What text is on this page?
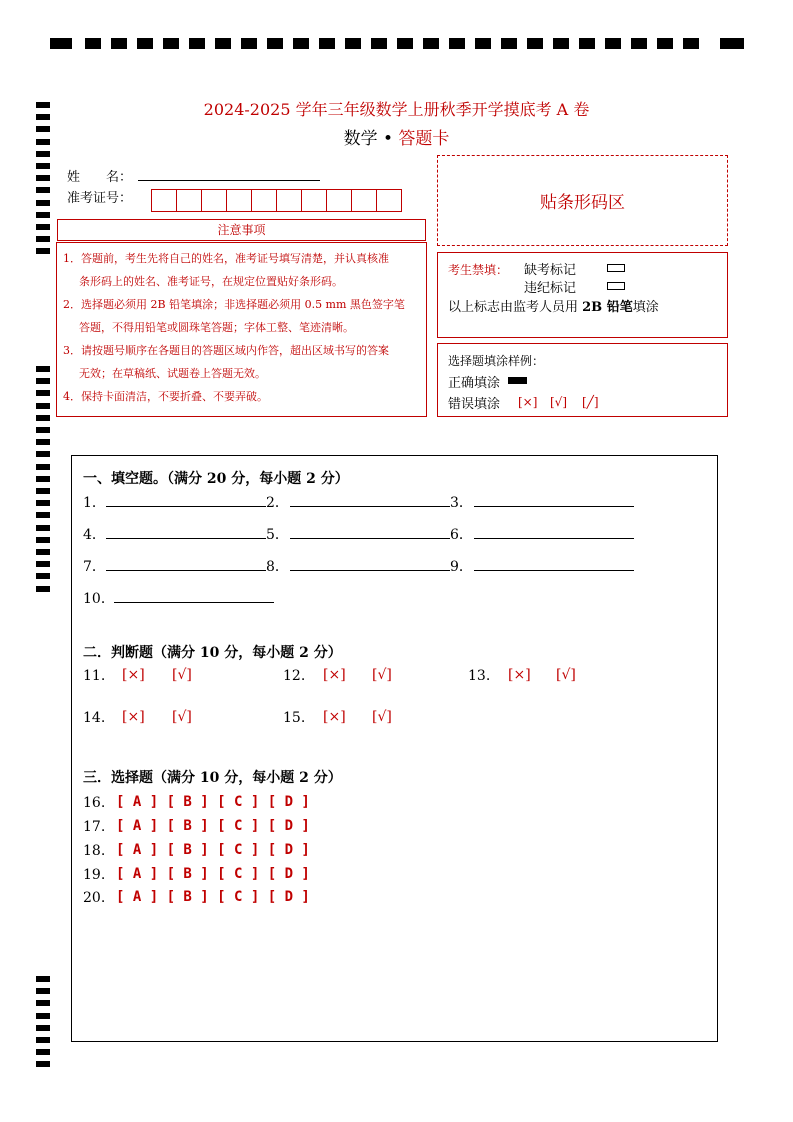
2024-2025 学年三年级数学上册秋季开学摸底考 A 卷
数学 • 答题卡
姓　　名：
准考证号：	贴条形码区
注意事项
1．答题前，考生先将自己的姓名，准考证号填写清楚，并认真核准
条形码上的姓名、准考证号，在规定位置贴好条形码。
2．选择题必须用 2B 铅笔填涂；非选择题必须用 0.5 mm 黑色签字笔
答题，不得用铅笔或圆珠笔答题；字体工整、笔迹清晰。
3．请按题号顺序在各题目的答题区域内作答，超出区域书写的答案
无效；在草稿纸、试题卷上答题无效。
4．保持卡面清洁，不要折叠、不要弄破。
考生禁填： 缺考标记
违纪标记
以上标志由监考人员用 2B 铅笔填涂
选择题填涂样例：
正确填涂
错误填涂 [×] [√] [╱]
一、填空题。（满分 20 分，每小题 2 分）
1．	2．	3．
4．	5．	6．
7．	8．	9．
10．
二．判断题（满分 10 分，每小题 2 分）
11. [×] [√]	12. [×] [√]	13. [×] [√]
14. [×] [√]	15. [×] [√]
三．选择题（满分 10 分，每小题 2 分）
16. [ A ] [ B ] [ C ] [ D ]
17. [ A ] [ B ] [ C ] [ D ]
18. [ A ] [ B ] [ C ] [ D ]
19. [ A ] [ B ] [ C ] [ D ]
20. [ A ] [ B ] [ C ] [ D ]
